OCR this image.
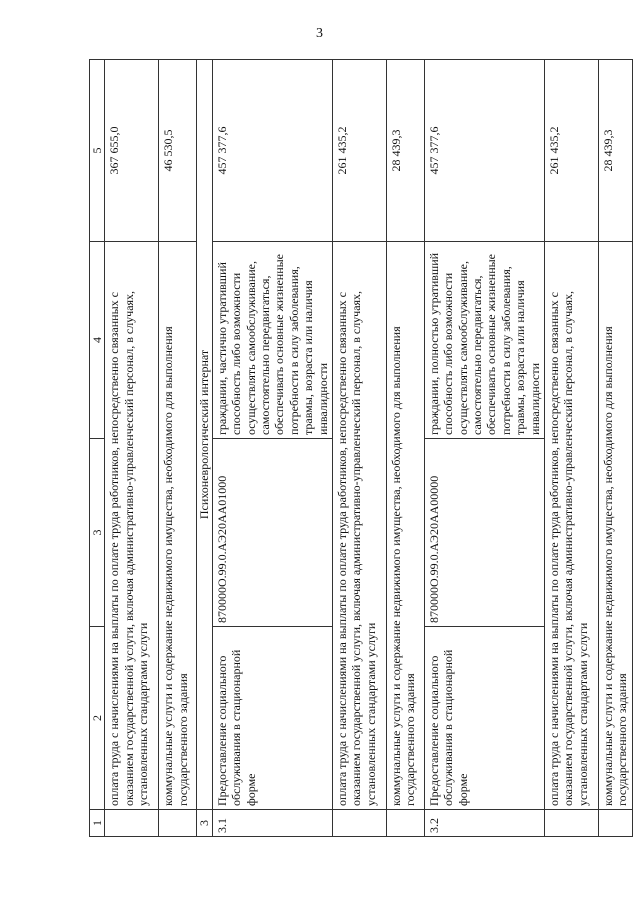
3
1	2	3	4	5
	оплата труда с начислениями на выплаты по оплате труда работников, непосредственно связанных с оказанием государственной услуги, включая административно-управленческий персонал, в случаях, установленных стандартами услуги			367 655,0
	коммунальные услуги и содержание недвижимого имущества, необходимого для выполнения государственного задания			46 530,5
3	Психоневрологический интернат			
3.1	Предоставление социального обслуживания в стационарной форме	870000О.99.0.АЭ20АА01000	граждании, частично утративший способность либо возможности осуществлять самообслуживание, самостоятельно передвигаться, обеспечивать основные жизненные потребности в силу заболевания, травмы, возраста или наличия инвалидности	457 377,6
	оплата труда с начислениями на выплаты по оплате труда работников, непосредственно связанных с оказанием государственной услуги, включая административно-управленческий персонал, в случаях, установленных стандартами услуги			261 435,2
	коммунальные услуги и содержание недвижимого имущества, необходимого для выполнения государственного задания			28 439,3
3.2	Предоставление социального обслуживания в стационарной форме	870000О.99.0.АЭ20АА00000	граждании, полностью утративший способность либо возможности осуществлять самообслуживание, самостоятельно передвигаться, обеспечивать основные жизненные потребности в силу заболевания, травмы, возраста или наличия инвалидности	457 377,6
	оплата труда с начислениями на выплаты по оплате труда работников, непосредственно связанных с оказанием государственной услуги, включая административно-управленческий персонал, в случаях, установленных стандартами услуги			261 435,2
	коммунальные услуги и содержание недвижимого имущества, необходимого для выполнения государственного задания			28 439,3
